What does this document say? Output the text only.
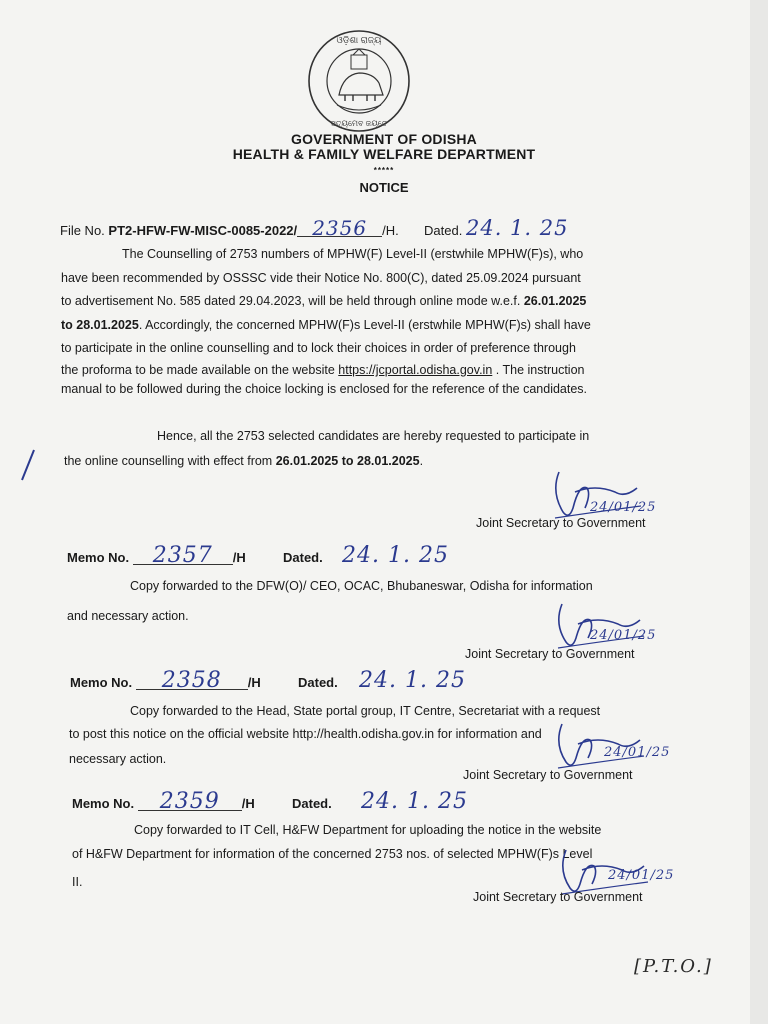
ଓଡ଼ିଶା ରାଜ୍ୟ
ସତ୍ୟମେବ ଜୟତେ
GOVERNMENT OF ODISHA
HEALTH & FAMILY WELFARE DEPARTMENT
*****
NOTICE
File No. PT2-HFW-FW-MISC-0085-2022/ 2356 /H. Dated. 24. 1. 25
The Counselling of 2753 numbers of MPHW(F) Level-II (erstwhile MPHW(F)s), who
have been recommended by OSSSC vide their Notice No. 800(C), dated 25.09.2024 pursuant
to advertisement No. 585 dated 29.04.2023, will be held through online mode w.e.f. 26.01.2025
to 28.01.2025. Accordingly, the concerned MPHW(F)s Level-II (erstwhile MPHW(F)s) shall have
to participate in the online counselling and to lock their choices in order of preference through
the proforma to be made available on the website https://jcportal.odisha.gov.in . The instruction
manual to be followed during the choice locking is enclosed for the reference of the candidates.
Hence, all the 2753 selected candidates are hereby requested to participate in
the online counselling with effect from 26.01.2025 to 28.01.2025.
24/01/25
Joint Secretary to Government
Memo No. 2357 /H	Dated. 24. 1. 25
Copy forwarded to the DFW(O)/ CEO, OCAC, Bhubaneswar, Odisha for information
and necessary action.
24/01/25
Joint Secretary to Government
Memo No. 2358 /H	Dated. 24. 1. 25
Copy forwarded to the Head, State portal group, IT Centre, Secretariat with a request
to post this notice on the official website http://health.odisha.gov.in for information and
necessary action.	24/01/25
Joint Secretary to Government
Memo No. 2359 /H	Dated. 24. 1. 25
Copy forwarded to IT Cell, H&FW Department for uploading the notice in the website
of H&FW Department for information of the concerned 2753 nos. of selected MPHW(F)s Level
II.	24/01/25
Joint Secretary to Government
[P.T.O.]
